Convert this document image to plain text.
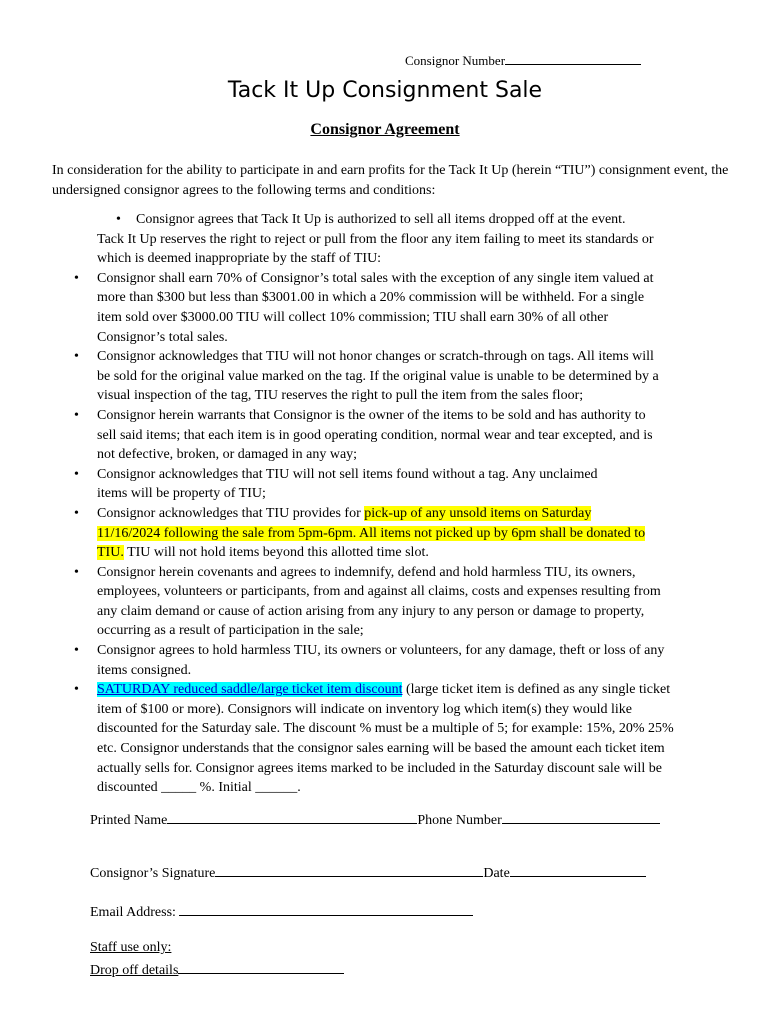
Consignor Number
Tack It Up Consignment Sale
Consignor Agreement
In consideration for the ability to participate in and earn profits for the Tack It Up (herein “TIU”) consignment event, the undersigned consignor agrees to the following terms and conditions:
• Consignor agrees that Tack It Up is authorized to sell all items dropped off at the event.
Tack It Up reserves the right to reject or pull from the floor any item failing to meet its standards or
which is deemed inappropriate by the staff of TIU:
• Consignor shall earn 70% of Consignor’s total sales with the exception of any single item valued at
more than $300 but less than $3001.00 in which a 20% commission will be withheld. For a single
item sold over $3000.00 TIU will collect 10% commission; TIU shall earn 30% of all other
Consignor’s total sales.
• Consignor acknowledges that TIU will not honor changes or scratch-through on tags. All items will
be sold for the original value marked on the tag. If the original value is unable to be determined by a
visual inspection of the tag, TIU reserves the right to pull the item from the sales floor;
• Consignor herein warrants that Consignor is the owner of the items to be sold and has authority to
sell said items; that each item is in good operating condition, normal wear and tear excepted, and is
not defective, broken, or damaged in any way;
• Consignor acknowledges that TIU will not sell items found without a tag. Any unclaimed
items will be property of TIU;
• Consignor acknowledges that TIU provides for pick-up of any unsold items on Saturday
11/16/2024 following the sale from 5pm-6pm. All items not picked up by 6pm shall be donated to
TIU. TIU will not hold items beyond this allotted time slot.
• Consignor herein covenants and agrees to indemnify, defend and hold harmless TIU, its owners,
employees, volunteers or participants, from and against all claims, costs and expenses resulting from
any claim demand or cause of action arising from any injury to any person or damage to property,
occurring as a result of participation in the sale;
• Consignor agrees to hold harmless TIU, its owners or volunteers, for any damage, theft or loss of any
items consigned.
• SATURDAY reduced saddle/large ticket item discount (large ticket item is defined as any single ticket
item of $100 or more). Consignors will indicate on inventory log which item(s) they would like
discounted for the Saturday sale. The discount % must be a multiple of 5; for example: 15%, 20% 25%
etc. Consignor understands that the consignor sales earning will be based the amount each ticket item
actually sells for. Consignor agrees items marked to be included in the Saturday discount sale will be
discounted _____ %. Initial ______.
Printed Name	Phone Number
Consignor’s Signature	Date
Email Address:
Staff use only:
Drop off details
